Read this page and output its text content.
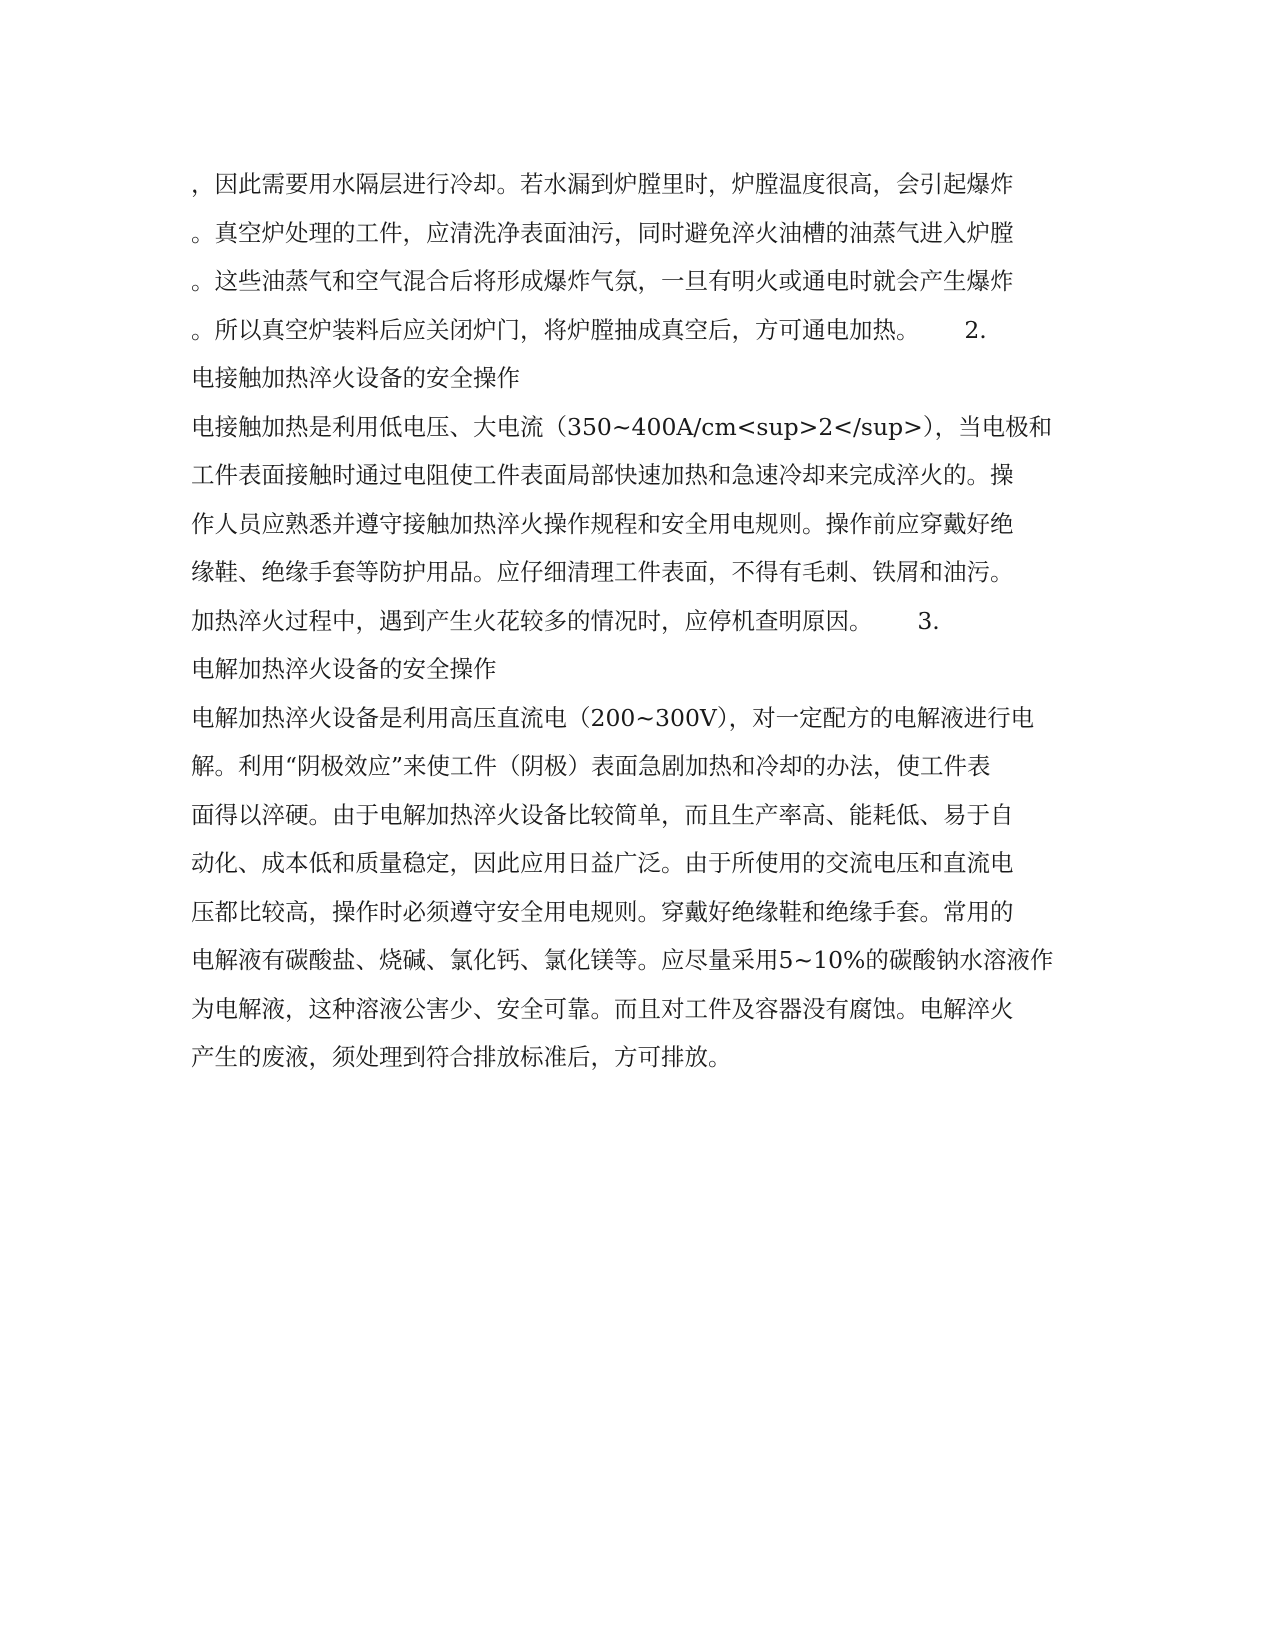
，因此需要用水隔层进行冷却。若水漏到炉膛里时，炉膛温度很高，会引起爆炸
。真空炉处理的工件，应清洗净表面油污，同时避免淬火油槽的油蒸气进入炉膛
。这些油蒸气和空气混合后将形成爆炸气氛，一旦有明火或通电时就会产生爆炸
。所以真空炉装料后应关闭炉门，将炉膛抽成真空后，方可通电加热。      2.
电接触加热淬火设备的安全操作
电接触加热是利用低电压、大电流（350~400A/cm<sup>2</sup>），当电极和
工件表面接触时通过电阻使工件表面局部快速加热和急速冷却来完成淬火的。操
作人员应熟悉并遵守接触加热淬火操作规程和安全用电规则。操作前应穿戴好绝
缘鞋、绝缘手套等防护用品。应仔细清理工件表面，不得有毛刺、铁屑和油污。
加热淬火过程中，遇到产生火花较多的情况时，应停机查明原因。      3.
电解加热淬火设备的安全操作
电解加热淬火设备是利用高压直流电（200~300V），对一定配方的电解液进行电
解。利用“阴极效应”来使工件（阴极）表面急剧加热和冷却的办法，使工件表
面得以淬硬。由于电解加热淬火设备比较简单，而且生产率高、能耗低、易于自
动化、成本低和质量稳定，因此应用日益广泛。由于所使用的交流电压和直流电
压都比较高，操作时必须遵守安全用电规则。穿戴好绝缘鞋和绝缘手套。常用的
电解液有碳酸盐、烧碱、氯化钙、氯化镁等。应尽量采用5~10%的碳酸钠水溶液作
为电解液，这种溶液公害少、安全可靠。而且对工件及容器没有腐蚀。电解淬火
产生的废液，须处理到符合排放标准后，方可排放。
